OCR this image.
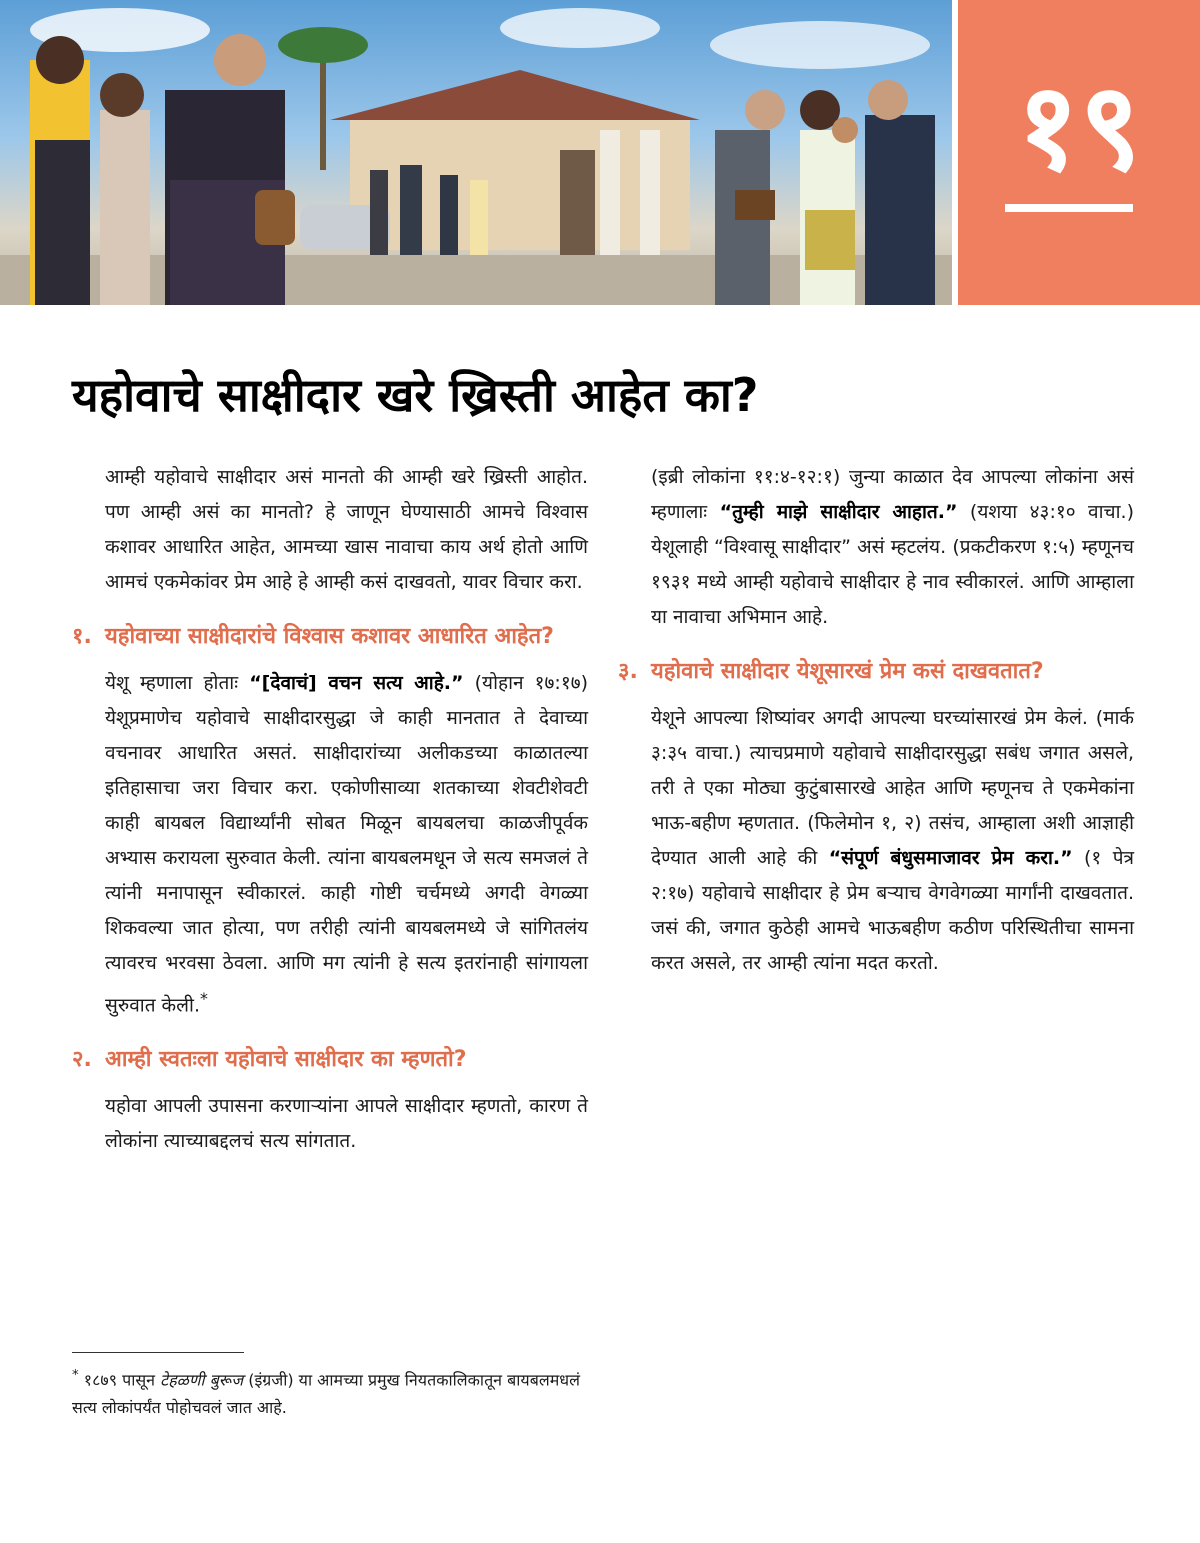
१९
यहोवाचे साक्षीदार खरे ख्रिस्ती आहेत का?

आम्ही यहोवाचे साक्षीदार असं मानतो की आम्ही खरे ख्रिस्ती आहोत. पण आम्ही असं का मानतो? हे जाणून घेण्यासाठी आमचे विश्वास कशावर आधारित आहेत, आमच्या खास नावाचा काय अर्थ होतो आणि आमचं एकमेकांवर प्रेम आहे हे आम्ही कसं दाखवतो, यावर विचार करा.

१. यहोवाच्या साक्षीदारांचे विश्वास कशावर आधारित आहेत?

येशू म्हणाला होताः “[देवाचं] वचन सत्य आहे.” (योहान १७:१७) येशूप्रमाणेच यहोवाचे साक्षीदारसुद्धा जे काही मानतात ते देवाच्या वचनावर आधारित असतं. साक्षीदारांच्या अलीकडच्या काळातल्या इतिहासाचा जरा विचार करा. एकोणीसाव्या शतकाच्या शेवटीशेवटी काही बायबल विद्यार्थ्यांनी सोबत मिळून बायबलचा काळजीपूर्वक अभ्यास करायला सुरुवात केली. त्यांना बायबलमधून जे सत्य समजलं ते त्यांनी मनापासून स्वीकारलं. काही गोष्टी चर्चमध्ये अगदी वेगळ्या शिकवल्या जात होत्या, पण तरीही त्यांनी बायबलमध्ये जे सांगितलंय त्यावरच भरवसा ठेवला. आणि मग त्यांनी हे सत्य इतरांनाही सांगायला सुरुवात केली.*

२. आम्ही स्वतःला यहोवाचे साक्षीदार का म्हणतो?

यहोवा आपली उपासना करणाऱ्यांना आपले साक्षीदार म्हणतो, कारण ते लोकांना त्याच्याबद्दलचं सत्य सांगतात.

(इब्री लोकांना ११:४-१२:१) जुन्या काळात देव आपल्या लोकांना असं म्हणालाः “तुम्ही माझे साक्षीदार आहात.” (यशया ४३:१० वाचा.) येशूलाही “विश्वासू साक्षीदार” असं म्हटलंय. (प्रकटीकरण १:५) म्हणूनच १९३१ मध्ये आम्ही यहोवाचे साक्षीदार हे नाव स्वीकारलं. आणि आम्हाला या नावाचा अभिमान आहे.

३. यहोवाचे साक्षीदार येशूसारखं प्रेम कसं दाखवतात?

येशूने आपल्या शिष्यांवर अगदी आपल्या घरच्यांसारखं प्रेम केलं. (मार्क ३:३५ वाचा.) त्याचप्रमाणे यहोवाचे साक्षीदारसुद्धा सबंध जगात असले, तरी ते एका मोठ्या कुटुंबासारखे आहेत आणि म्हणूनच ते एकमेकांना भाऊ-बहीण म्हणतात. (फिलेमोन १, २) तसंच, आम्हाला अशी आज्ञाही देण्यात आली आहे की “संपूर्ण बंधुसमाजावर प्रेम करा.” (१ पेत्र २:१७) यहोवाचे साक्षीदार हे प्रेम बऱ्याच वेगवेगळ्या मार्गांनी दाखवतात. जसं की, जगात कुठेही आमचे भाऊबहीण कठीण परिस्थितीचा सामना करत असले, तर आम्ही त्यांना मदत करतो.

* १८७९ पासून टेहळणी बुरूज (इंग्रजी) या आमच्या प्रमुख नियतकालिकातून बायबलमधलं सत्य लोकांपर्यंत पोहोचवलं जात आहे.
